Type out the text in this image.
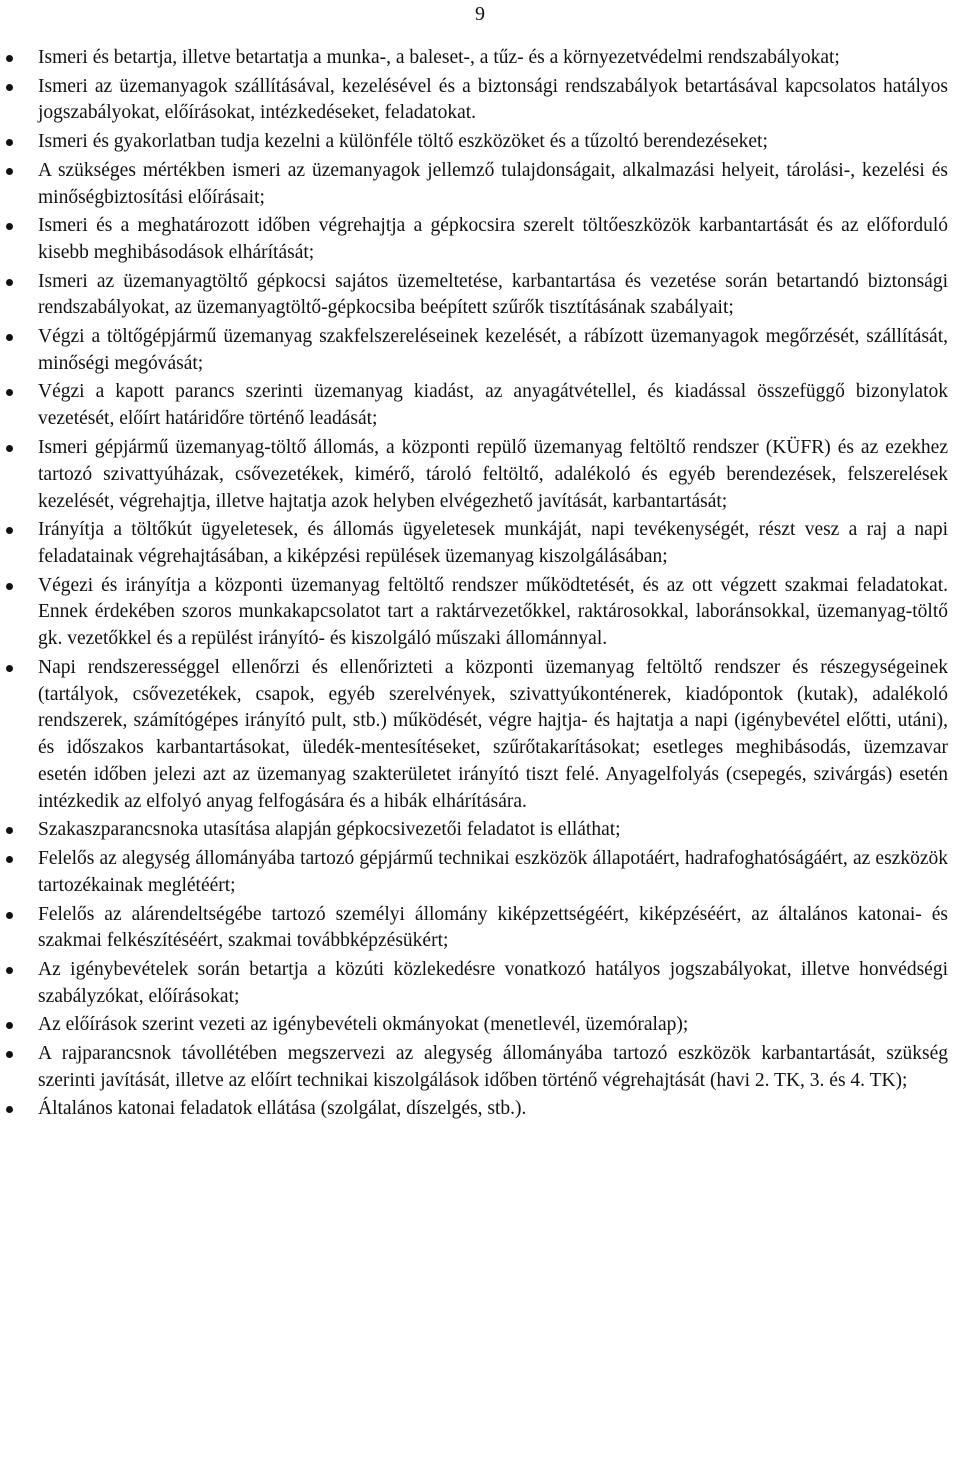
9
Ismeri és betartja, illetve betartatja a munka-, a baleset-, a tűz- és a környezetvédelmi rendszabályokat;
Ismeri az üzemanyagok szállításával, kezelésével és a biztonsági rendszabályok betartásával kapcsolatos hatályos jogszabályokat, előírásokat, intézkedéseket, feladatokat.
Ismeri és gyakorlatban tudja kezelni a különféle töltő eszközöket és a tűzoltó berendezéseket;
A szükséges mértékben ismeri az üzemanyagok jellemző tulajdonságait, alkalmazási helyeit, tárolási-, kezelési és minőségbiztosítási előírásait;
Ismeri és a meghatározott időben végrehajtja a gépkocsira szerelt töltőeszközök karbantartását és az előforduló kisebb meghibásodások elhárítását;
Ismeri az üzemanyagtöltő gépkocsi sajátos üzemeltetése, karbantartása és vezetése során betartandó biztonsági rendszabályokat, az üzemanyagtöltő-gépkocsiba beépített szűrők tisztításának szabályait;
Végzi a töltőgépjármű üzemanyag szakfelszereléseinek kezelését, a rábízott üzemanyagok megőrzését, szállítását, minőségi megóvását;
Végzi a kapott parancs szerinti üzemanyag kiadást, az anyagátvétellel, és kiadással összefüggő bizonylatok vezetését, előírt határidőre történő leadását;
Ismeri gépjármű üzemanyag-töltő állomás, a központi repülő üzemanyag feltöltő rendszer (KÜFR) és az ezekhez tartozó szivattyúházak, csővezetékek, kimérő, tároló feltöltő, adalékoló és egyéb berendezések, felszerelések kezelését, végrehajtja, illetve hajtatja azok helyben elvégezhető javítását, karbantartását;
Irányítja a töltőkút ügyeletesek, és állomás ügyeletesek munkáját, napi tevékenységét, részt vesz a raj a napi feladatainak végrehajtásában, a kiképzési repülések üzemanyag kiszolgálásában;
Végezi és irányítja a központi üzemanyag feltöltő rendszer működtetését, és az ott végzett szakmai feladatokat. Ennek érdekében szoros munkakapcsolatot tart a raktárvezetőkkel, raktárosokkal, laboránsokkal, üzemanyag-töltő gk. vezetőkkel és a repülést irányító- és kiszolgáló műszaki állománnyal.
Napi rendszerességgel ellenőrzi és ellenőrizteti a központi üzemanyag feltöltő rendszer és részegységeinek (tartályok, csővezetékek, csapok, egyéb szerelvények, szivattyúkonténerek, kiadópontok (kutak), adalékoló rendszerek, számítógépes irányító pult, stb.) működését, végre hajtja- és hajtatja a napi (igénybevétel előtti, utáni), és időszakos karbantartásokat, üledék-mentesítéseket, szűrőtakarításokat; esetleges meghibásodás, üzemzavar esetén időben jelezi azt az üzemanyag szakterületet irányító tiszt felé. Anyagelfolyás (csepegés, szivárgás) esetén intézkedik az elfolyó anyag felfogására és a hibák elhárítására.
Szakaszparancsnoka utasítása alapján gépkocsivezetői feladatot is elláthat;
Felelős az alegység állományába tartozó gépjármű technikai eszközök állapotáért, hadrafoghatóságáért, az eszközök tartozékainak meglétéért;
Felelős az alárendeltségébe tartozó személyi állomány kiképzettségéért, kiképzéséért, az általános katonai- és szakmai felkészítéséért, szakmai továbbképzésükért;
Az igénybevételek során betartja a közúti közlekedésre vonatkozó hatályos jogszabályokat, illetve honvédségi szabályzókat, előírásokat;
Az előírások szerint vezeti az igénybevételi okmányokat (menetlevél, üzemóralap);
A rajparancsnok távollétében megszervezi az alegység állományába tartozó eszközök karbantartását, szükség szerinti javítását, illetve az előírt technikai kiszolgálások időben történő végrehajtását (havi 2. TK, 3. és 4. TK);
Általános katonai feladatok ellátása (szolgálat, díszelgés, stb.).
